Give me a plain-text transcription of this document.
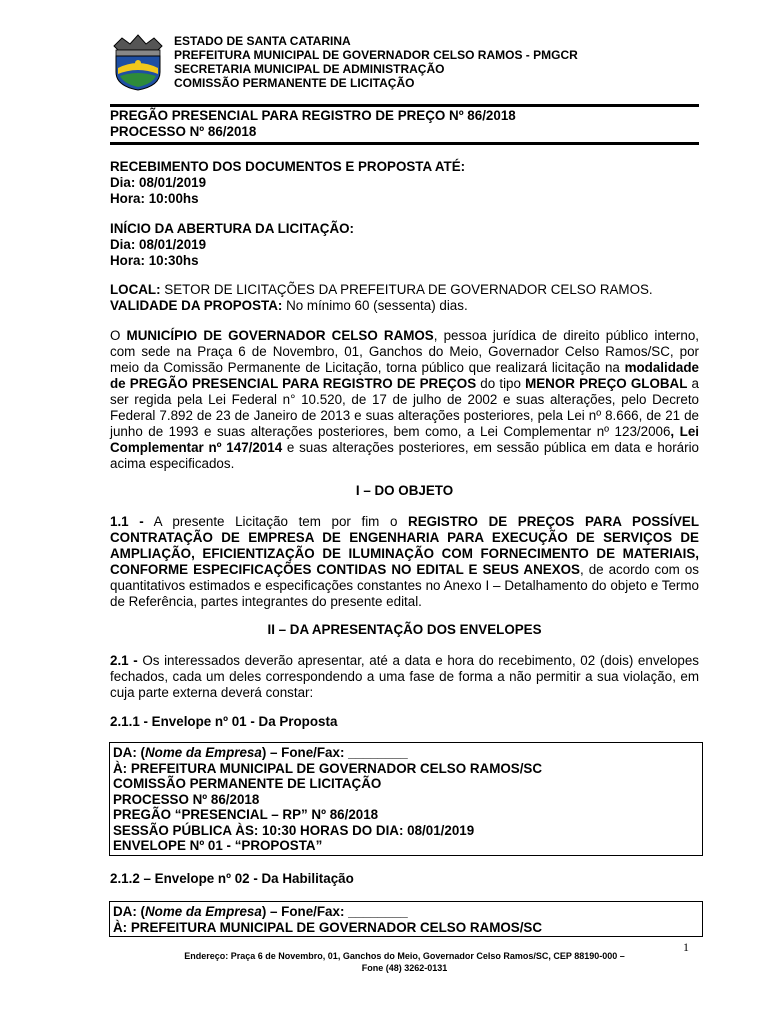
ESTADO DE SANTA CATARINA
PREFEITURA MUNICIPAL DE GOVERNADOR CELSO RAMOS - PMGCR
SECRETARIA MUNICIPAL DE ADMINISTRAÇÃO
COMISSÃO PERMANENTE DE LICITAÇÃO
PREGÃO PRESENCIAL PARA REGISTRO DE PREÇO Nº 86/2018
PROCESSO Nº 86/2018
RECEBIMENTO DOS DOCUMENTOS E PROPOSTA ATÉ:
Dia: 08/01/2019
Hora: 10:00hs
INÍCIO DA ABERTURA DA LICITAÇÃO:
Dia: 08/01/2019
Hora: 10:30hs
LOCAL: SETOR DE LICITAÇÕES DA PREFEITURA DE GOVERNADOR CELSO RAMOS.
VALIDADE DA PROPOSTA: No mínimo 60 (sessenta) dias.
O MUNICÍPIO DE GOVERNADOR CELSO RAMOS, pessoa jurídica de direito público interno, com sede na Praça 6 de Novembro, 01, Ganchos do Meio, Governador Celso Ramos/SC, por meio da Comissão Permanente de Licitação, torna público que realizará licitação na modalidade de PREGÃO PRESENCIAL PARA REGISTRO DE PREÇOS do tipo MENOR PREÇO GLOBAL a ser regida pela Lei Federal n° 10.520, de 17 de julho de 2002 e suas alterações, pelo Decreto Federal 7.892 de 23 de Janeiro de 2013 e suas alterações posteriores, pela Lei nº 8.666, de 21 de junho de 1993 e suas alterações posteriores, bem como, a Lei Complementar nº 123/2006, Lei Complementar nº 147/2014 e suas alterações posteriores, em sessão pública em data e horário acima especificados.
I – DO OBJETO
1.1 - A presente Licitação tem por fim o REGISTRO DE PREÇOS PARA POSSÍVEL CONTRATAÇÃO DE EMPRESA DE ENGENHARIA PARA EXECUÇÃO DE SERVIÇOS DE AMPLIAÇÃO, EFICIENTIZAÇÃO DE ILUMINAÇÃO COM FORNECIMENTO DE MATERIAIS, CONFORME ESPECIFICAÇÕES CONTIDAS NO EDITAL E SEUS ANEXOS, de acordo com os quantitativos estimados e especificações constantes no Anexo I – Detalhamento do objeto e Termo de Referência, partes integrantes do presente edital.
II – DA APRESENTAÇÃO DOS ENVELOPES
2.1 - Os interessados deverão apresentar, até a data e hora do recebimento, 02 (dois) envelopes fechados, cada um deles correspondendo a uma fase de forma a não permitir a sua violação, em cuja parte externa deverá constar:
2.1.1 - Envelope nº 01 - Da Proposta
DA: (Nome da Empresa) – Fone/Fax: ________
À: PREFEITURA MUNICIPAL DE GOVERNADOR CELSO RAMOS/SC
COMISSÃO PERMANENTE DE LICITAÇÃO
PROCESSO Nº 86/2018
PREGÃO “PRESENCIAL – RP” Nº 86/2018
SESSÃO PÚBLICA ÀS: 10:30 HORAS DO DIA: 08/01/2019
ENVELOPE Nº 01 - “PROPOSTA”
2.1.2 – Envelope nº 02 - Da Habilitação
DA: (Nome da Empresa) – Fone/Fax: ________
À: PREFEITURA MUNICIPAL DE GOVERNADOR CELSO RAMOS/SC
1
Endereço: Praça 6 de Novembro, 01, Ganchos do Meio, Governador Celso Ramos/SC, CEP 88190-000 –
Fone (48) 3262-0131
